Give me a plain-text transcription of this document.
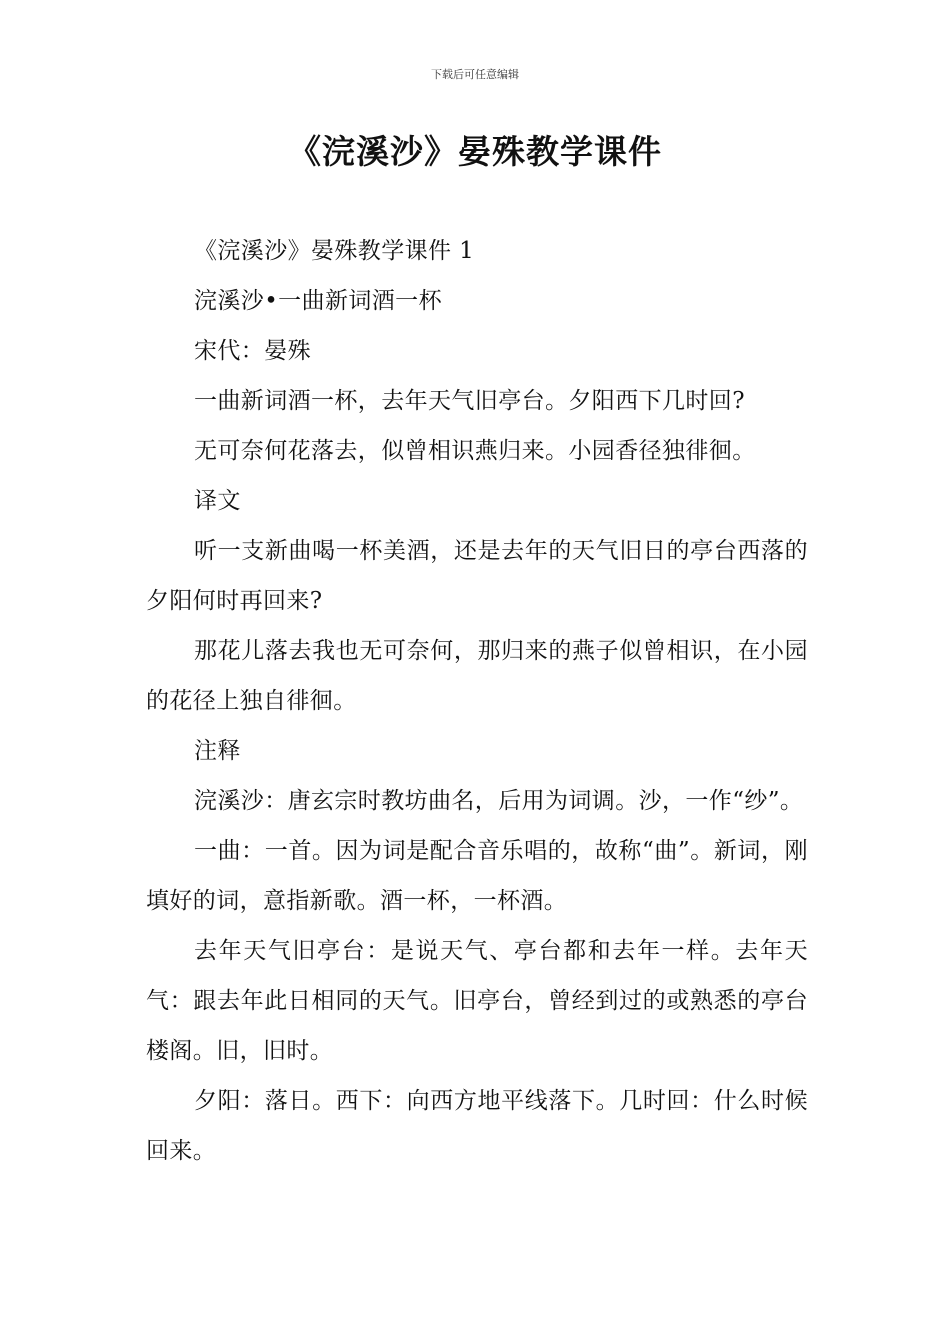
下载后可任意编辑
《浣溪沙》晏殊教学课件

《浣溪沙》晏殊教学课件 1

浣溪沙•一曲新词酒一杯

宋代：晏殊

一曲新词酒一杯，去年天气旧亭台。夕阳西下几时回?

无可奈何花落去，似曾相识燕归来。小园香径独徘徊。

译文

听一支新曲喝一杯美酒，还是去年的天气旧日的亭台西落的夕阳何时再回来?

那花儿落去我也无可奈何，那归来的燕子似曾相识，在小园的花径上独自徘徊。

注释

浣溪沙：唐玄宗时教坊曲名，后用为词调。沙，一作“纱”。

一曲：一首。因为词是配合音乐唱的，故称“曲”。新词，刚填好的词，意指新歌。酒一杯，一杯酒。

去年天气旧亭台：是说天气、亭台都和去年一样。去年天气：跟去年此日相同的天气。旧亭台，曾经到过的或熟悉的亭台楼阁。旧，旧时。

夕阳：落日。西下：向西方地平线落下。几时回：什么时候回来。
